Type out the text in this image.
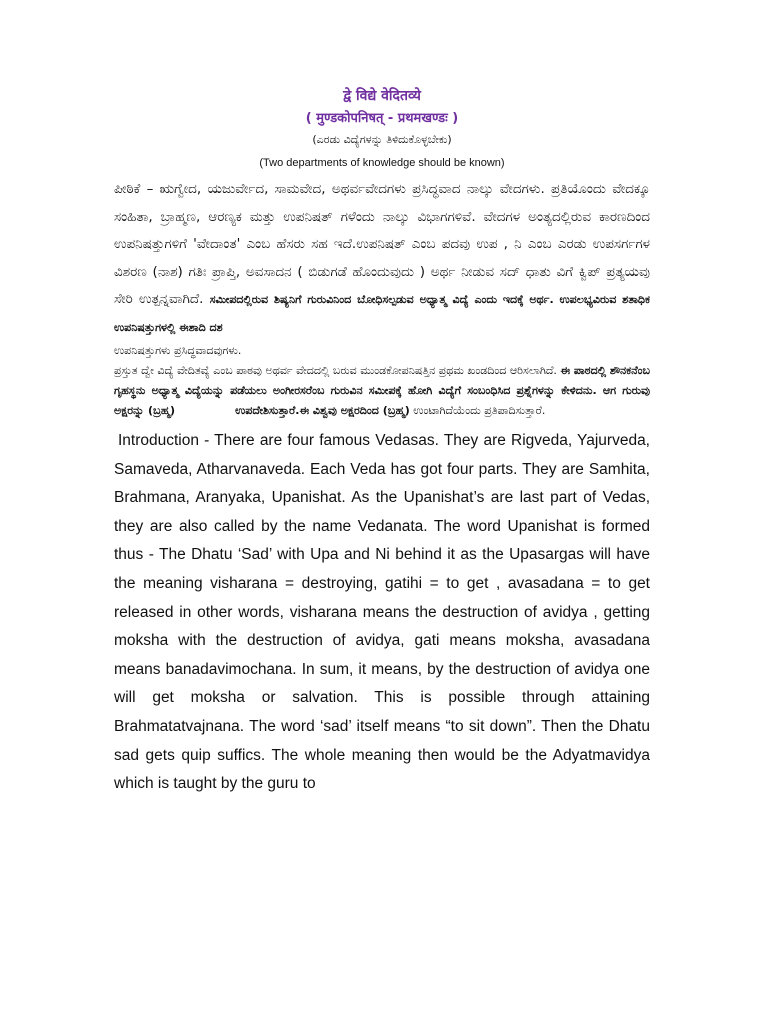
द्वे विद्ये वेदितव्ये

( मुण्डकोपनिषत् - प्रथमखण्डः )

(ಎರಡು ವಿದ್ಯೆಗಳನ್ನು ತಿಳಿದುಕೊಳ್ಳಬೇಕು)

(Two departments of knowledge should be known)

ಪೀಠಿಕೆ – ಋಗ್ವೇದ, ಯಜುರ್ವೇದ, ಸಾಮವೇದ, ಅಥರ್ವವೇದಗಳು ಪ್ರಸಿದ್ಧವಾದ ನಾಲ್ಕು ವೇದಗಳು. ಪ್ರತಿಯೊಂದು ವೇದಕ್ಕೂ ಸಂಹಿತಾ, ಬ್ರಾಹ್ಮಣ, ಆರಣ್ಯಕ ಮತ್ತು ಉಪನಿಷತ್ ಗಳೆಂದು ನಾಲ್ಕು ವಿಭಾಗಗಳಿವೆ. ವೇದಗಳ ಅಂತ್ಯದಲ್ಲಿರುವ ಕಾರಣದಿಂದ ಉಪನಿಷತ್ತುಗಳಿಗೆ 'ವೇದಾಂತ' ಎಂಬ ಹೆಸರು ಸಹ ಇದೆ.ಉಪನಿಷತ್ ಎಂಬ ಪದವು ಉಪ , ನಿ ಎಂಬ ಎರಡು ಉಪಸರ್ಗಗಳ ವಿಶರಣ (ನಾಶ) ಗತಿಃ ಪ್ರಾಪ್ತಿ, ಅವಸಾದನ ( ಬಿಡುಗಡೆ ಹೊಂದುವುದು ) ಅರ್ಥ ನೀಡುವ ಸದ್ ಧಾತು ವಿಗೆ ಕ್ವಿಪ್ ಪ್ರತ್ಯಯವು ಸೇರಿ ಉತ್ಪನ್ನವಾಗಿದೆ. ಸಮೀಪದಲ್ಲಿರುವ ಶಿಷ್ಯನಿಗೆ ಗುರುವಿನಿಂದ ಬೋಧಿಸಲ್ಪಡುವ ಅಧ್ಯಾತ್ಮ ವಿದ್ಯೆ ಎಂದು ಇದಕ್ಕೆ ಅರ್ಥ. ಉಪಲಭ್ಯವಿರುವ ಶತಾಧಿಕ ಉಪನಿಷತ್ತುಗಳಲ್ಲಿ ಈಶಾದಿ ದಶ

ಉಪನಿಷತ್ತುಗಳು ಪ್ರಸಿದ್ಧವಾದವುಗಳು.

ಪ್ರಸ್ತುತ ದ್ವೇ ವಿದ್ಯೆ ವೇದಿತವ್ಯೆ ಎಂಬ ಪಾಠವು ಅಥರ್ವ ವೇದದಲ್ಲಿ ಬರುವ ಮುಂಡಕೋಪನಿಷತ್ತಿನ ಪ್ರಥಮ ಖಂಡದಿಂದ ಆರಿಸಲಾಗಿದೆ. ಈ ಪಾಠದಲ್ಲಿ ಶೌನಕನೆಂಬ ಗೃಹಸ್ಥನು ಅಧ್ಯಾತ್ಮ ವಿದ್ಯೆಯನ್ನು ಪಡೆಯಲು ಅಂಗೀರಸರೆಂಬ ಗುರುವಿನ ಸಮೀಪಕ್ಕೆ ಹೋಗಿ ವಿದ್ಯೆಗೆ ಸಂಬಂಧಿಸಿದ ಪ್ರಶ್ನೆಗಳನ್ನು ಕೇಳಿದನು. ಆಗ ಗುರುವು ಅಕ್ಷರನ್ನು (ಬ್ರಹ್ಮ)	ಉಪದೇಶಿಸುತ್ತಾರೆ.ಈ ವಿಶ್ವವು ಅಕ್ಷರದಿಂದ (ಬ್ರಹ್ಮ) ಉಂಟಾಗಿದೆಯೆಂದು ಪ್ರತಿಪಾದಿಸುತ್ತಾರೆ.

Introduction - There are four famous Vedasas. They are Rigveda, Yajurveda, Samaveda, Atharvanaveda. Each Veda has got four parts. They are Samhita, Brahmana, Aranyaka, Upanishat. As the Upanishat’s are last part of Vedas, they are also called by the name Vedanata. The word Upanishat is formed thus - The Dhatu ‘Sad’ with Upa and Ni behind it as the Upasargas will have the meaning visharana = destroying, gatihi = to get , avasadana = to get released in other words, visharana means the destruction of avidya , getting moksha with the destruction of avidya, gati means moksha, avasadana means banadavimochana. In sum, it means, by the destruction of avidya one will get moksha or salvation. This is possible through attaining Brahmatatvajnana. The word ‘sad’ itself means “to sit down”. Then the Dhatu sad gets quip suffics. The whole meaning then would be the Adyatmavidya which is taught by the guru to
